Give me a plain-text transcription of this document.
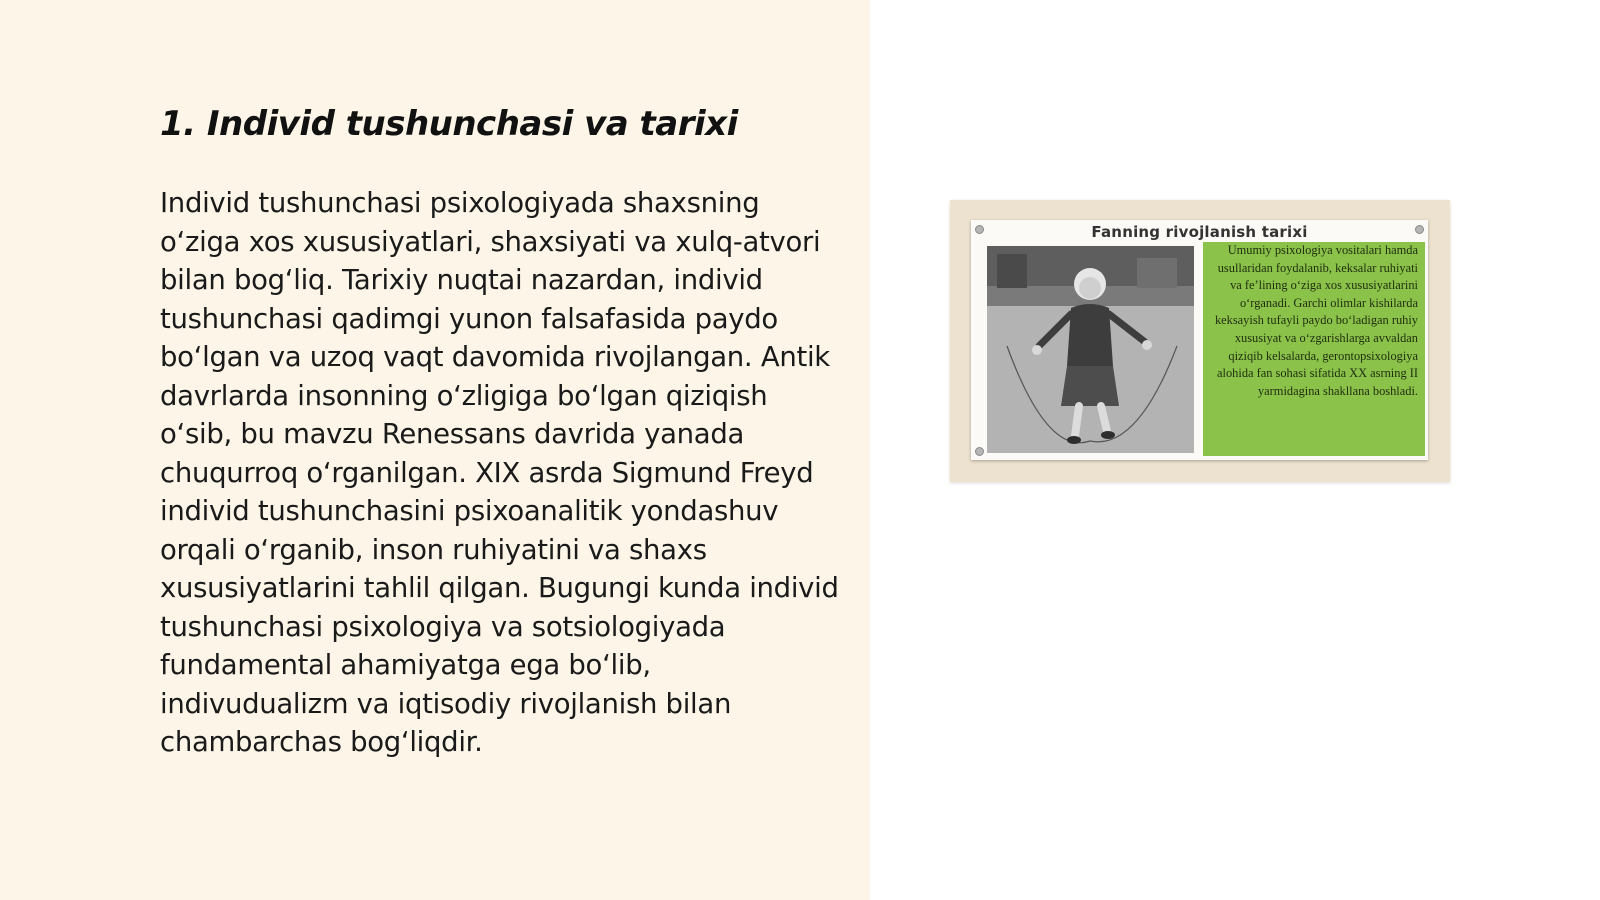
1. Individ tushunchasi va tarixi

Individ tushunchasi psixologiyada shaxsning o‘ziga xos xususiyatlari, shaxsiyati va xulq-atvori bilan bog‘liq. Tarixiy nuqtai nazardan, individ tushunchasi qadimgi yunon falsafasida paydo bo‘lgan va uzoq vaqt davomida rivojlangan. Antik davrlarda insonning o‘zligiga bo‘lgan qiziqish o‘sib, bu mavzu Renessans davrida yanada chuqurroq o‘rganilgan. XIX asrda Sigmund Freyd individ tushunchasini psixoanalitik yondashuv orqali o‘rganib, inson ruhiyatini va shaxs xususiyatlarini tahlil qilgan. Bugungi kunda individ tushunchasi psixologiya va sotsiologiyada fundamental ahamiyatga ega bo‘lib, indivudualizm va iqtisodiy rivojlanish bilan chambarchas bog‘liqdir.

Fanning rivojlanish tarixi

Umumiy psixologiya vositalari hamda usullaridan foydalanib, keksalar ruhiyati va fe’lining o‘ziga xos xususiyatlarini o‘rganadi. Garchi olimlar kishilarda keksayish tufayli paydo bo‘ladigan ruhiy xususiyat va o‘zgarishlarga avvaldan qiziqib kelsalarda, gerontopsixologiya alohida fan sohasi sifatida XX asrning II yarmidagina shakllana boshladi.
